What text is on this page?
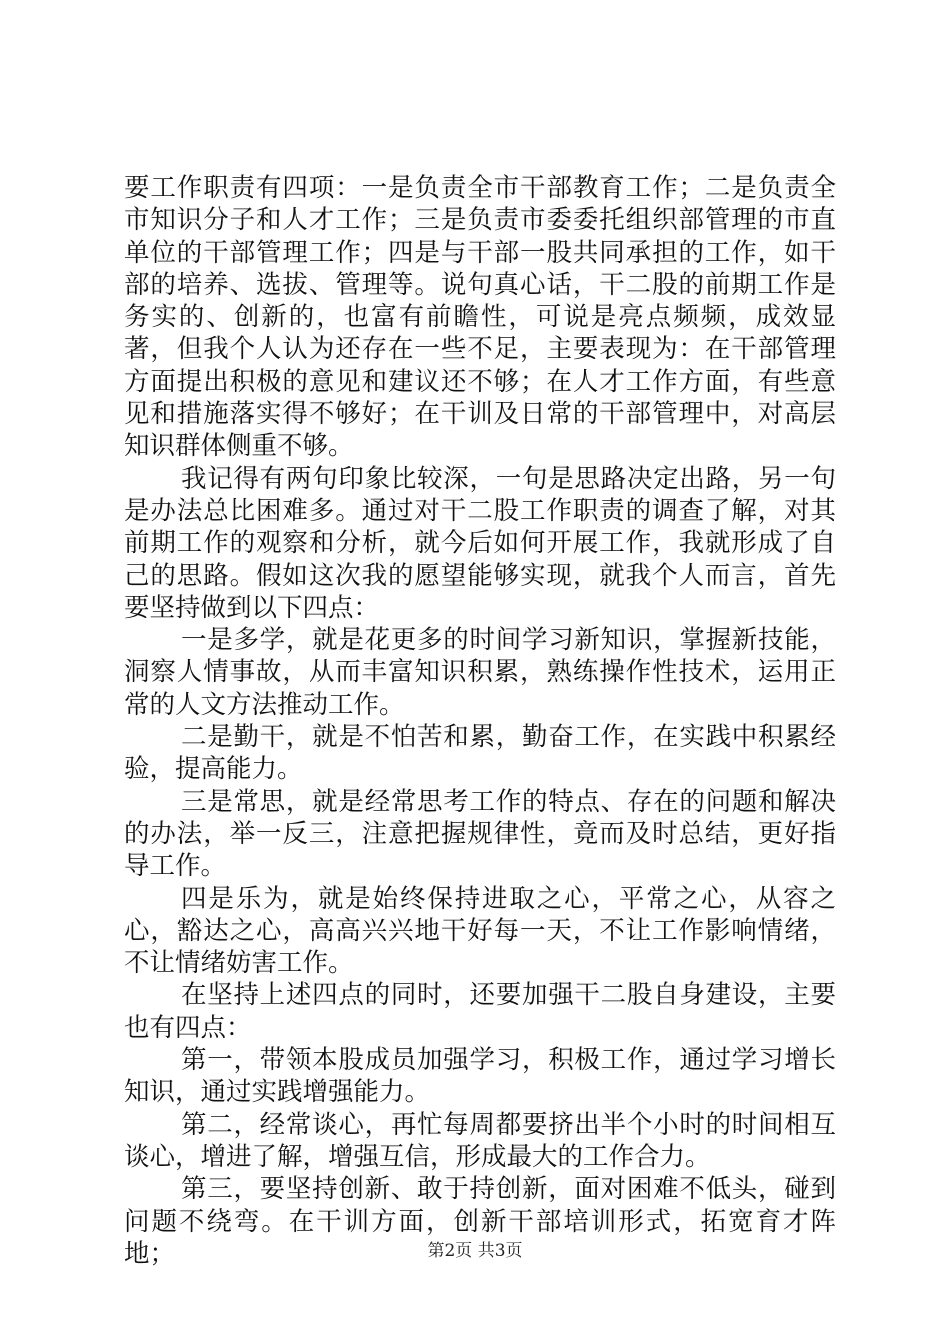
要工作职责有四项：一是负责全市干部教育工作；二是负责全市知识分子和人才工作；三是负责市委委托组织部管理的市直单位的干部管理工作；四是与干部一股共同承担的工作，如干部的培养、选拔、管理等。说句真心话，干二股的前期工作是务实的、创新的，也富有前瞻性，可说是亮点频频，成效显著，但我个人认为还存在一些不足，主要表现为：在干部管理方面提出积极的意见和建议还不够；在人才工作方面，有些意见和措施落实得不够好；在干训及日常的干部管理中，对高层知识群体侧重不够。

我记得有两句印象比较深，一句是思路决定出路，另一句是办法总比困难多。通过对干二股工作职责的调查了解，对其前期工作的观察和分析，就今后如何开展工作，我就形成了自己的思路。假如这次我的愿望能够实现，就我个人而言，首先要坚持做到以下四点：

一是多学，就是花更多的时间学习新知识，掌握新技能，洞察人情事故，从而丰富知识积累，熟练操作性技术，运用正常的人文方法推动工作。

二是勤干，就是不怕苦和累，勤奋工作，在实践中积累经验，提高能力。

三是常思，就是经常思考工作的特点、存在的问题和解决的办法，举一反三，注意把握规律性，竟而及时总结，更好指导工作。

四是乐为，就是始终保持进取之心，平常之心，从容之心，豁达之心，高高兴兴地干好每一天，不让工作影响情绪，不让情绪妨害工作。

在坚持上述四点的同时，还要加强干二股自身建设，主要也有四点：

第一，带领本股成员加强学习，积极工作，通过学习增长知识，通过实践增强能力。

第二，经常谈心，再忙每周都要挤出半个小时的时间相互谈心，增进了解，增强互信，形成最大的工作合力。

第三，要坚持创新、敢于持创新，面对困难不低头，碰到问题不绕弯。在干训方面，创新干部培训形式，拓宽育才阵地；	第2页 共3页
